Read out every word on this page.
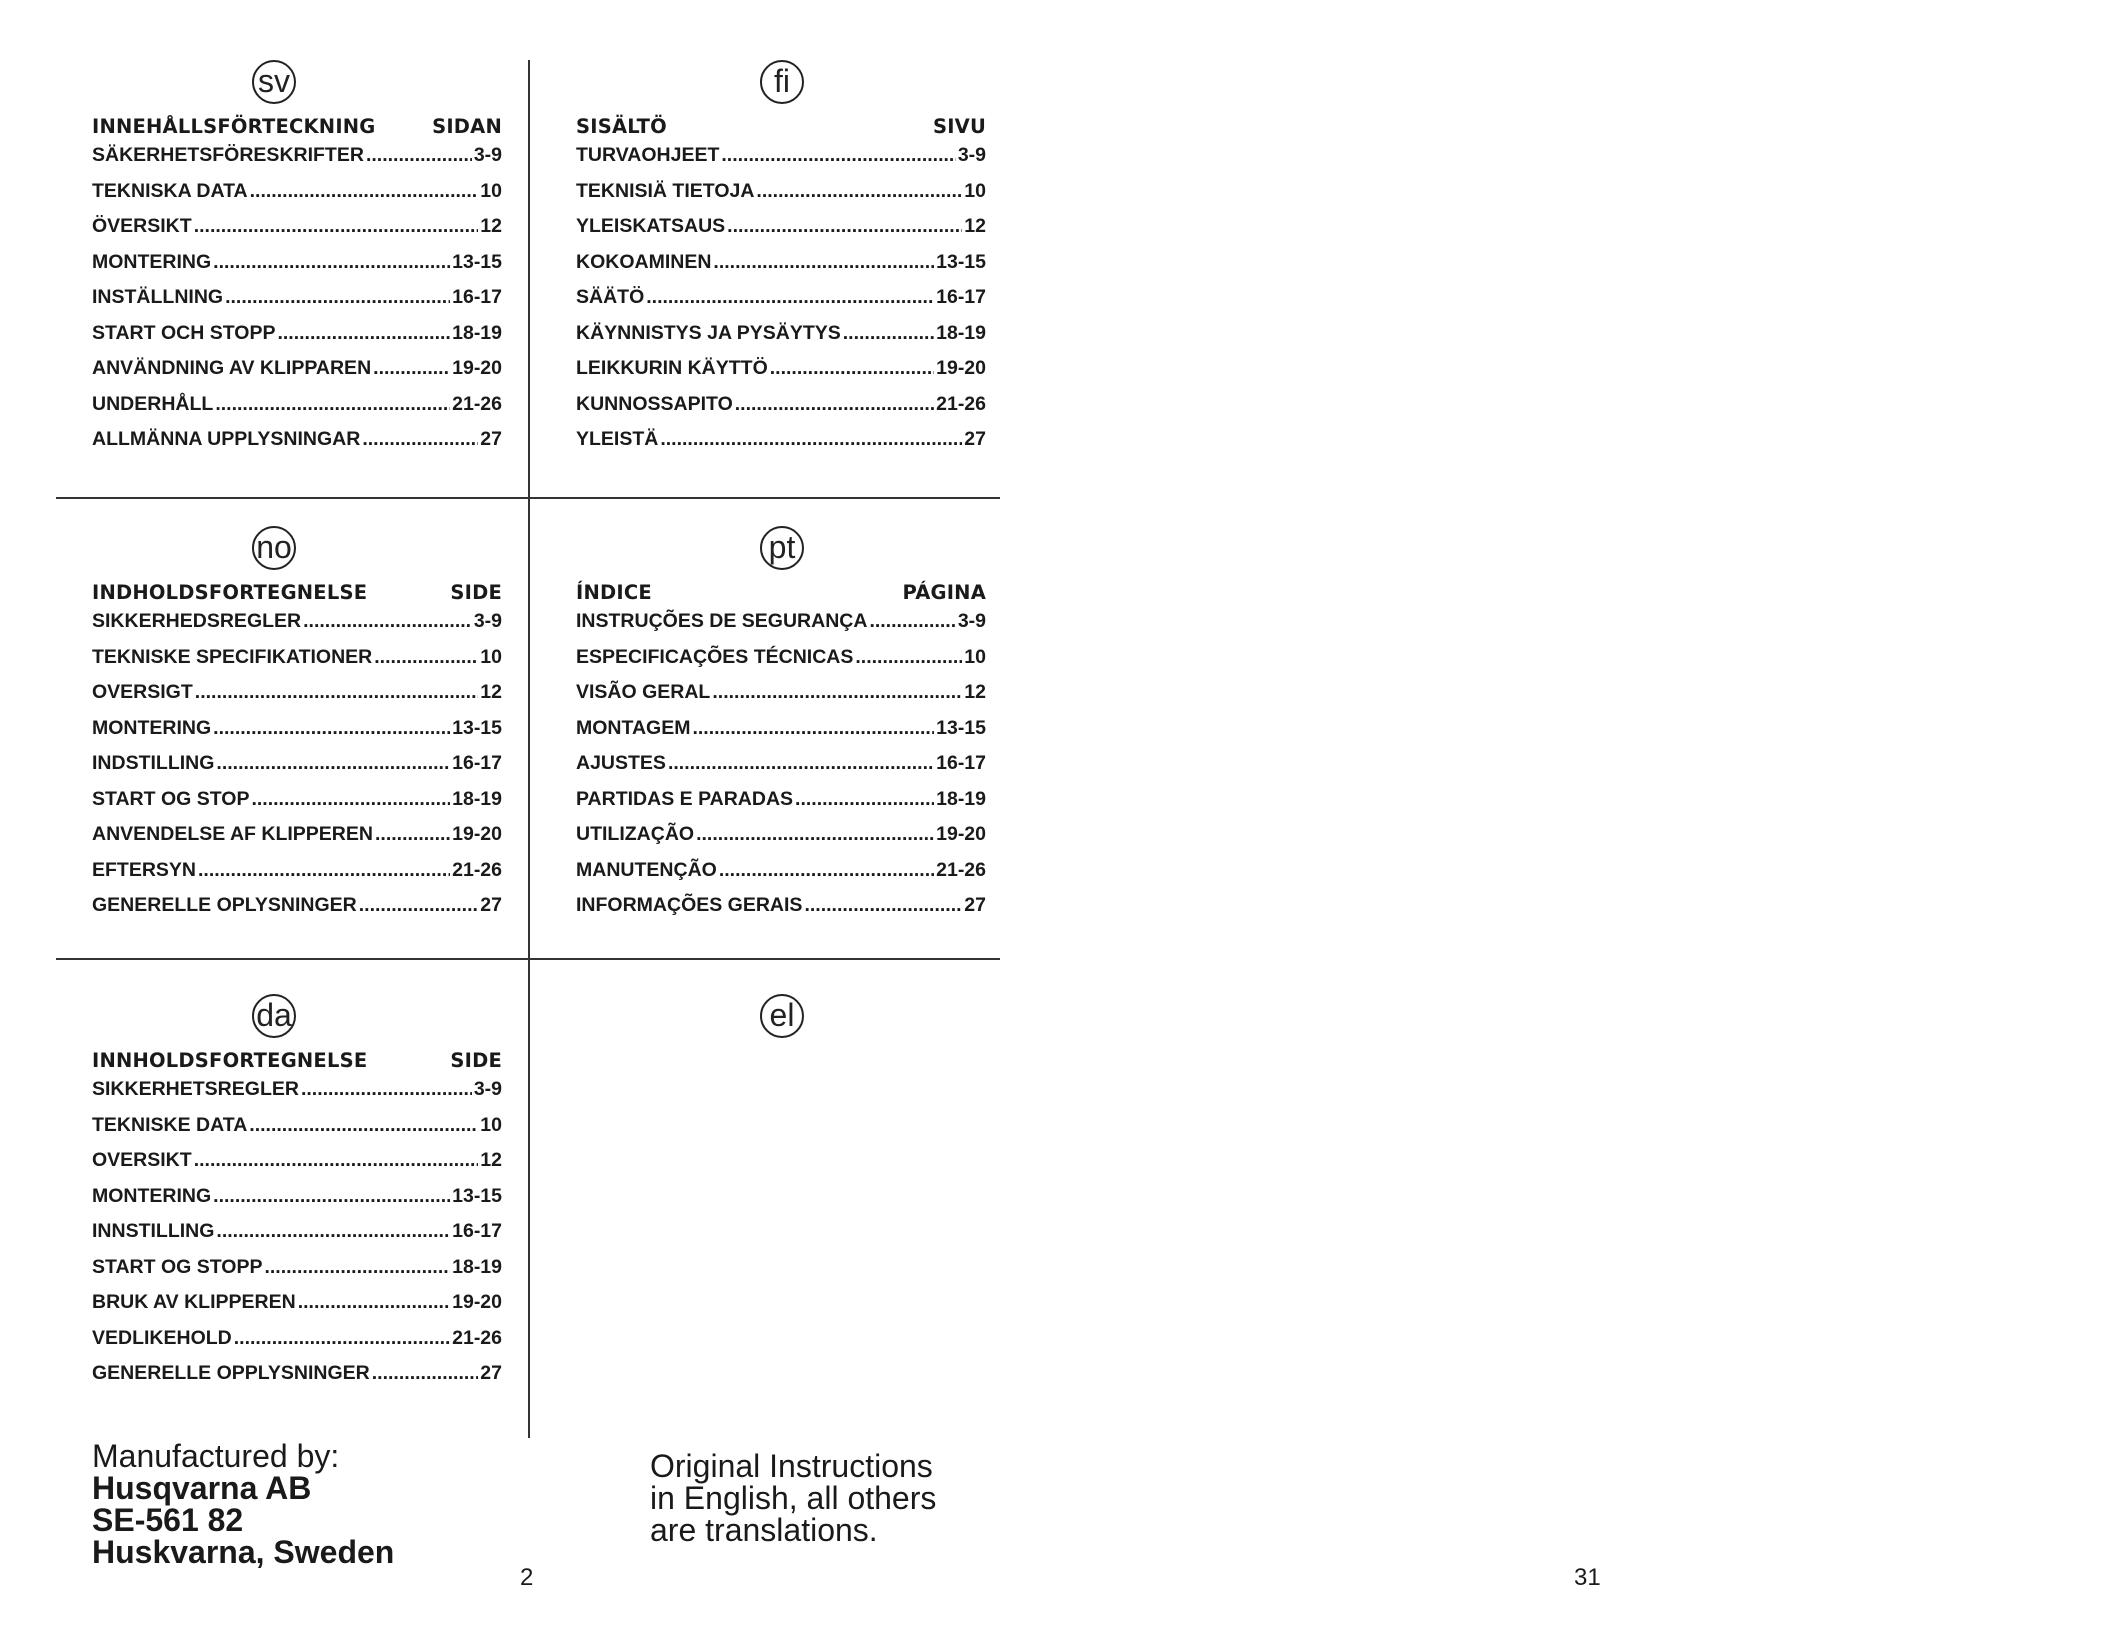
sv
INNEHÅLLSFÖRTECKNING	SIDAN
SÄKERHETSFÖRESKRIFTER .....	3-9
TEKNISKA DATA .....	10
ÖVERSIKT .....	12
MONTERING .....	13-15
INSTÄLLNING .....	16-17
START OCH STOPP .....	18-19
ANVÄNDNING AV KLIPPAREN .....	19-20
UNDERHÅLL .....	21-26
ALLMÄNNA UPPLYSNINGAR .....	27
fi
SISÄLTÖ	SIVU
TURVAOHJEET .....	3-9
TEKNISIÄ TIETOJA .....	10
YLEISKATSAUS .....	12
KOKOAMINEN .....	13-15
SÄÄTÖ .....	16-17
KÄYNNISTYS JA PYSÄYTYS .....	18-19
LEIKKURIN KÄYTTÖ .....	19-20
KUNNOSSAPITO .....	21-26
YLEISTÄ .....	27
no
INDHOLDSFORTEGNELSE	SIDE
SIKKERHEDSREGLER .....	3-9
TEKNISKE SPECIFIKATIONER .....	10
OVERSIGT .....	12
MONTERING .....	13-15
INDSTILLING .....	16-17
START OG STOP .....	18-19
ANVENDELSE AF KLIPPEREN .....	19-20
EFTERSYN .....	21-26
GENERELLE OPLYSNINGER .....	27
pt
ÍNDICE	PÁGINA
INSTRUÇÕES DE SEGURANÇA .....	3-9
ESPECIFICAÇÕES TÉCNICAS .....	10
VISÃO GERAL .....	12
MONTAGEM .....	13-15
AJUSTES .....	16-17
PARTIDAS E PARADAS .....	18-19
UTILIZAÇÃO .....	19-20
MANUTENÇÃO .....	21-26
INFORMAÇÕES GERAIS .....	27
da
INNHOLDSFORTEGNELSE	SIDE
SIKKERHETSREGLER .....	3-9
TEKNISKE DATA .....	10
OVERSIKT .....	12
MONTERING .....	13-15
INNSTILLING .....	16-17
START OG STOPP .....	18-19
BRUK AV KLIPPEREN .....	19-20
VEDLIKEHOLD .....	21-26
GENERELLE OPPLYSNINGER .....	27
el
Manufactured by:
Husqvarna AB
SE-561 82
Huskvarna, Sweden
Original Instructions
in English, all others
are translations.
2	31
